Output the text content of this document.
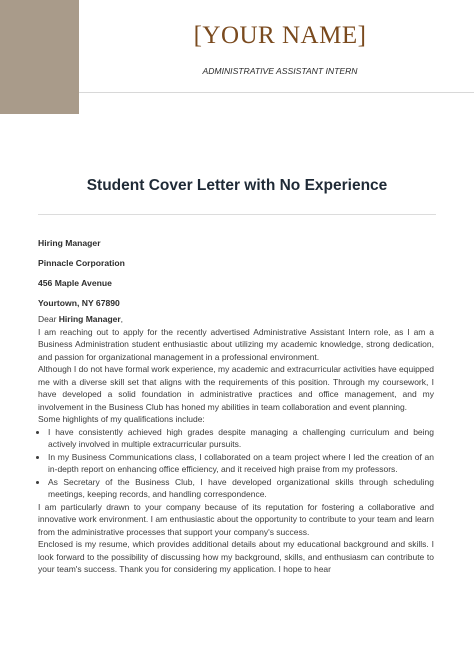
[YOUR NAME]
ADMINISTRATIVE ASSISTANT INTERN
Student Cover Letter with No Experience
Hiring Manager
Pinnacle Corporation
456 Maple Avenue
Yourtown, NY 67890

Dear Hiring Manager,

I am reaching out to apply for the recently advertised Administrative Assistant Intern role, as I am a Business Administration student enthusiastic about utilizing my academic knowledge, strong dedication, and passion for organizational management in a professional environment.

Although I do not have formal work experience, my academic and extracurricular activities have equipped me with a diverse skill set that aligns with the requirements of this position. Through my coursework, I have developed a solid foundation in administrative practices and office management, and my involvement in the Business Club has honed my abilities in team collaboration and event planning.

Some highlights of my qualifications include:

• I have consistently achieved high grades despite managing a challenging curriculum and being actively involved in multiple extracurricular pursuits.
• In my Business Communications class, I collaborated on a team project where I led the creation of an in-depth report on enhancing office efficiency, and it received high praise from my professors.
• As Secretary of the Business Club, I have developed organizational skills through scheduling meetings, keeping records, and handling correspondence.

I am particularly drawn to your company because of its reputation for fostering a collaborative and innovative work environment. I am enthusiastic about the opportunity to contribute to your team and learn from the administrative processes that support your company's success.

Enclosed is my resume, which provides additional details about my educational background and skills. I look forward to the possibility of discussing how my background, skills, and enthusiasm can contribute to your team's success. Thank you for considering my application. I hope to hear
